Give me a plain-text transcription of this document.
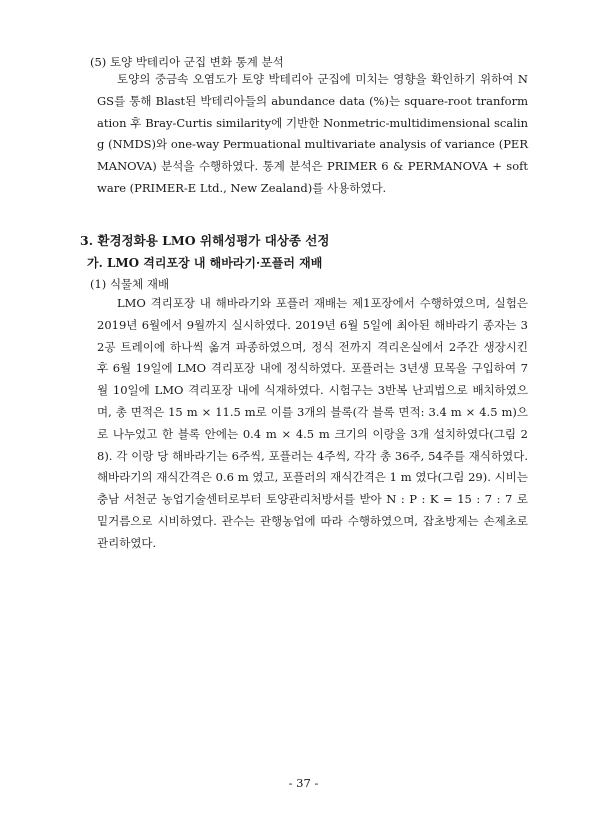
(5) 토양 박테리아 군집 변화 통계 분석

토양의 중금속 오염도가 토양 박테리아 군집에 미치는 영향을 확인하기 위하여 NGS를 통해 Blast된 박테리아들의 abundance data (%)는 square-root tranformation 후 Bray-Curtis similarity에 기반한 Nonmetric-multidimensional scaling (NMDS)와 one-way Permuational multivariate analysis of variance (PERMANOVA) 분석을 수행하였다. 통계 분석은 PRIMER 6 & PERMANOVA + software (PRIMER-E Ltd., New Zealand)를 사용하였다.

3. 환경정화용 LMO 위해성평가 대상종 선정
가. LMO 격리포장 내 해바라기·포플러 재배
(1) 식물체 재배

LMO 격리포장 내 해바라기와 포플러 재배는 제1포장에서 수행하였으며, 실험은 2019년 6월에서 9월까지 실시하였다. 2019년 6월 5일에 최아된 해바라기 종자는 32공 트레이에 하나씩 옮겨 파종하였으며, 정식 전까지 격리온실에서 2주간 생장시킨 후 6월 19일에 LMO 격리포장 내에 정식하였다. 포플러는 3년생 묘목을 구입하여 7월 10일에 LMO 격리포장 내에 식재하였다. 시험구는 3반복 난괴법으로 배치하였으며, 총 면적은 15 m × 11.5 m로 이를 3개의 블록(각 블록 면적: 3.4 m × 4.5 m)으로 나누었고 한 블록 안에는 0.4 m × 4.5 m 크기의 이랑을 3개 설치하였다(그림 28). 각 이랑 당 해바라기는 6주씩, 포플러는 4주씩, 각각 총 36주, 54주를 재식하였다. 해바라기의 재식간격은 0.6 m 였고, 포플러의 재식간격은 1 m 였다(그림 29). 시비는 충남 서천군 농업기술센터로부터 토양관리처방서를 받아 N : P : K = 15 : 7 : 7 로 밑거름으로 시비하였다. 관수는 관행농업에 따라 수행하였으며, 잡초방제는 손제초로 관리하였다.

- 37 -
